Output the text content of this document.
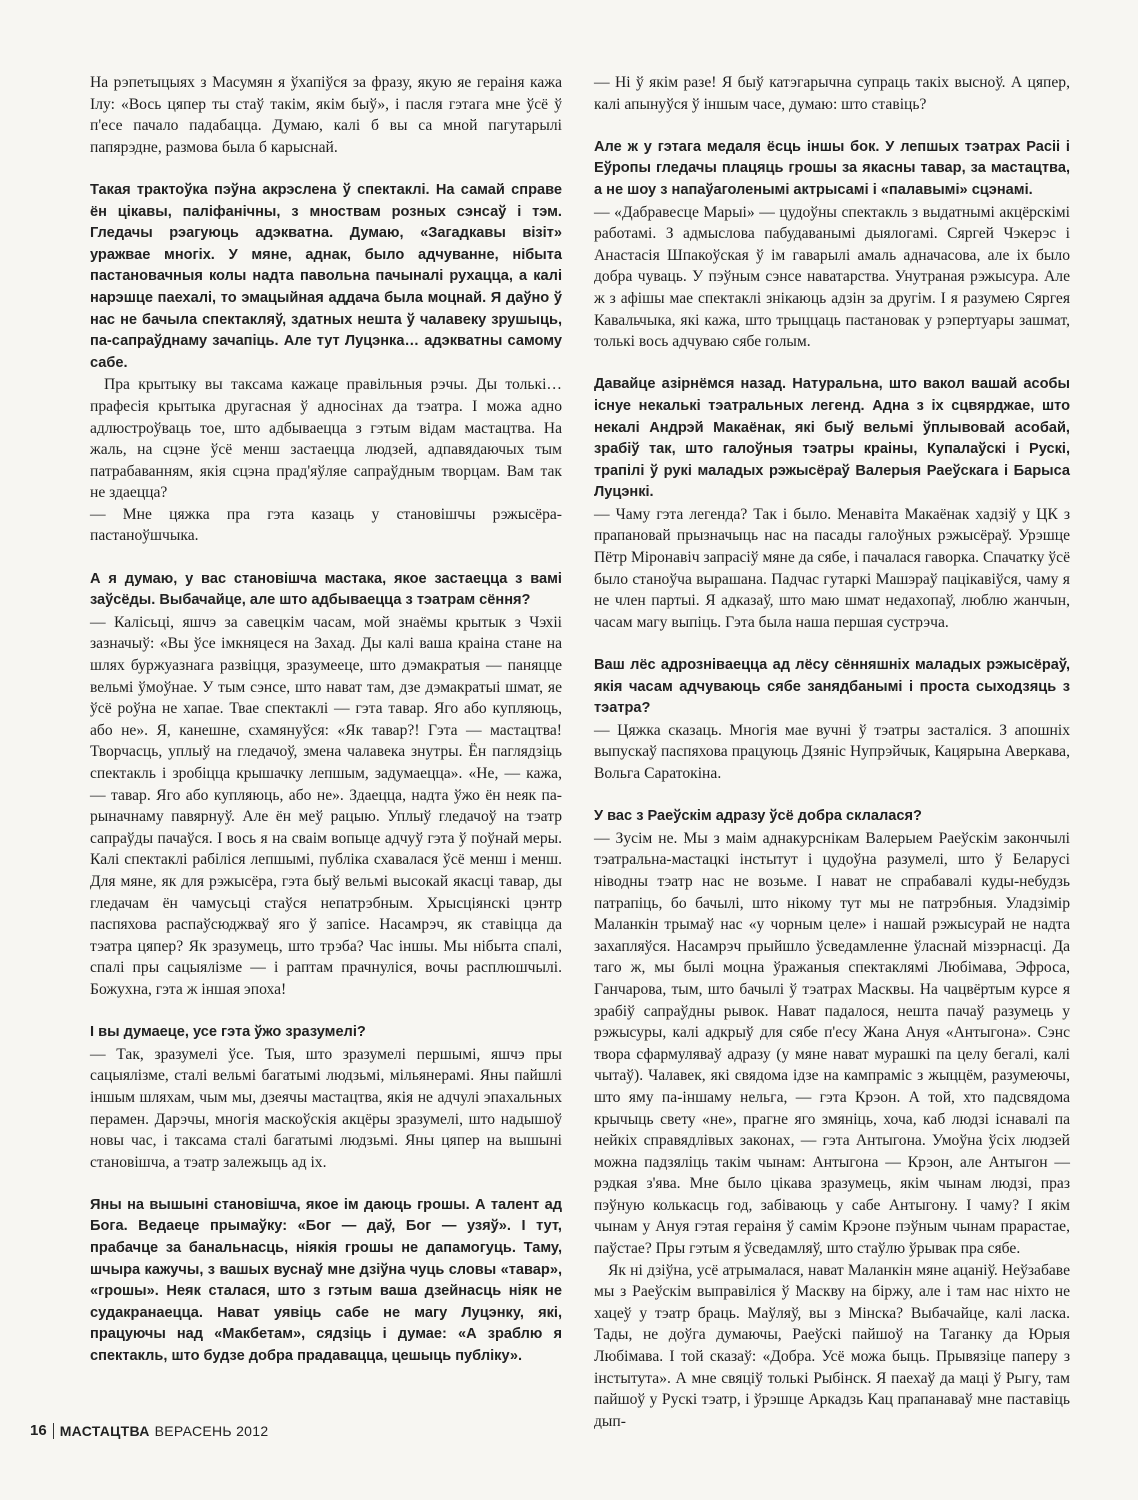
На рэпетыцыях з Масумян я ўхапіўся за фразу, якую яе гераіня кажа Ілу: «Вось цяпер ты стаў такім, якім быў», і пасля гэтага мне ўсё ў п'есе пачало падабацца. Думаю, калі б вы са мной пагутарылі папярэдне, размова была б карыснай.

Такая трактоўка пэўна акрэслена ў спектаклі. На самай справе ён цікавы, паліфанічны, з мноствам розных сэнсаў і тэм. Гледачы рэагуюць адэкватна. Думаю, «Загадкавы візіт» уражвае многіх. У мяне, аднак, было адчуванне, нібыта пастановачныя колы надта павольна пачыналі рухацца, а калі нарэшце паехалі, то эмацыйная аддача была моцнай. Я даўно ў нас не бачыла спектакляў, здатных нешта ў чалавеку зрушыць, па-сапраўднаму зачапіць. Але тут Луцэнка… адэкватны самому сабе.

Пра крытыку вы таксама кажаце правільныя рэчы. Ды толькі… прафесія крытыка другасная ў адносінах да тэатра. І можа адно адлюстроўваць тое, што адбываецца з гэтым відам мастацтва. На жаль, на сцэне ўсё менш застаецца людзей, адпавядаючых тым патрабаванням, якія сцэна прад'яўляе сапраўдным творцам. Вам так не здаецца?

— Мне цяжка пра гэта казаць у становішчы рэжысёра-пастаноўшчыка.

А я думаю, у вас становішча мастака, якое застаецца з вамі заўсёды. Выбачайце, але што адбываецца з тэатрам сёння?

— Калісьці, яшчэ за савецкім часам, мой знаёмы крытык з Чэхіі зазначыў: «Вы ўсе імкняцеся на Захад. Ды калі ваша краіна стане на шлях буржуазнага развіцця, зразумееце, што дэмакратыя — паняцце вельмі ўмоўнае. У тым сэнсе, што нават там, дзе дэмакратыі шмат, яе ўсё роўна не хапае. Твае спектаклі — гэта тавар. Яго або купляюць, або не». Я, канешне, схамянуўся: «Як тавар?! Гэта — мастацтва! Творчасць, уплыў на гледачоў, змена чалавека знутры. Ён паглядзіць спектакль і зробіцца крышачку лепшым, задумаецца». «Не, — кажа, — тавар. Яго або купляюць, або не». Здаецца, надта ўжо ён неяк па-рыначнаму павярнуў. Але ён меў рацыю. Уплыў гледачоў на тэатр сапраўды пачаўся. І вось я на сваім вопыце адчуў гэта ў поўнай меры. Калі спектаклі рабіліся лепшымі, публіка схавалася ўсё менш і менш. Для мяне, як для рэжысёра, гэта быў вельмі высокай якасці тавар, ды гледачам ён чамусьці стаўся непатрэбным. Хрысціянскі цэнтр паспяхова распаўсюджваў яго ў запісе. Насамрэч, як ставіцца да тэатра цяпер? Як зразумець, што трэба? Час іншы. Мы нібыта спалі, спалі пры сацыялізме — і раптам прачнуліся, вочы расплюшчылі. Божухна, гэта ж іншая эпоха!

І вы думаеце, усе гэта ўжо зразумелі?

— Так, зразумелі ўсе. Тыя, што зразумелі першымі, яшчэ пры сацыялізме, сталі вельмі багатымі людзьмі, мільянерамі. Яны пайшлі іншым шляхам, чым мы, дзеячы мастацтва, якія не адчулі эпахальных перамен. Дарэчы, многія маскоўскія акцёры зразумелі, што надышоў новы час, і таксама сталі багатымі людзьмі. Яны цяпер на вышыні становішча, а тэатр залежыць ад іх.

Яны на вышыні становішча, якое ім даюць грошы. А талент ад Бога. Ведаеце прымаўку: «Бог — даў, Бог — узяў». І тут, прабачце за банальнасць, ніякія грошы не дапамогуць. Таму, шчыра кажучы, з вашых вуснаў мне дзіўна чуць словы «тавар», «грошы». Неяк сталася, што з гэтым ваша дзейнасць ніяк не судакранаецца. Нават уявіць сабе не магу Луцэнку, які, працуючы над «Макбетам», сядзіць і думае: «А зраблю я спектакль, што будзе добра прадавацца, цешыць публіку».

— Ні ў якім разе! Я быў катэгарычна супраць такіх высноў. А цяпер, калі апынуўся ў іншым часе, думаю: што ставіць?

Але ж у гэтага медаля ёсць іншы бок. У лепшых тэатрах Расіі і Еўропы гледачы плацяць грошы за якасны тавар, за мастацтва, а не шоу з напаўаголенымі актрысамі і «палавымі» сцэнамі.

— «Дабравесце Марыі» — цудоўны спектакль з выдатнымі акцёрскімі работамі. З адмыслова пабудаванымі дыялогамі. Сяргей Чэкерэс і Анастасія Шпакоўская ў ім гаварылі амаль адначасова, але іх было добра чуваць. У пэўным сэнсе наватарства. Унутраная рэжысура. Але ж з афішы мае спектаклі знікаюць адзін за другім. І я разумею Сяргея Кавальчыка, які кажа, што трыццаць пастановак у рэпертуары зашмат, толькі вось адчуваю сябе голым.

Давайце азірнёмся назад. Натуральна, што вакол вашай асобы існуе некалькі тэатральных легенд. Адна з іх сцвярджае, што некалі Андрэй Макаёнак, які быў вельмі ўплывовай асобай, зрабіў так, што галоўныя тэатры краіны, Купалаўскі і Рускі, трапілі ў рукі маладых рэжысёраў Валерыя Раеўскага і Барыса Луцэнкі.

— Чаму гэта легенда? Так і было. Менавіта Макаёнак хадзіў у ЦК з прапановай прызначыць нас на пасады галоўных рэжысёраў. Урэшце Пётр Міронавіч запрасіў мяне да сябе, і пачалася гаворка. Спачатку ўсё было станоўча вырашана. Падчас гутаркі Машэраў пацікавіўся, чаму я не член партыі. Я адказаў, што маю шмат недахопаў, люблю жанчын, часам магу выпіць. Гэта была наша першая сустрэча.

Ваш лёс адрозніваецца ад лёсу сённяшніх маладых рэжысёраў, якія часам адчуваюць сябе занядбанымі і проста сыходзяць з тэатра?

— Цяжка сказаць. Многія мае вучні ў тэатры засталіся. З апошніх выпускаў паспяхова працуюць Дзяніс Нупрэйчык, Кацярына Аверкава, Вольга Саратокіна.

У вас з Раеўскім адразу ўсё добра склалася?

— Зусім не. Мы з маім аднакурснікам Валерыем Раеўскім закончылі тэатральна-мастацкі інстытут і цудоўна разумелі, што ў Беларусі ніводны тэатр нас не возьме. І нават не спрабавалі куды-небудзь патрапіць, бо бачылі, што нікому тут мы не патрэбныя. Уладзімір Маланкін трымаў нас «у чорным целе» і нашай рэжысурай не надта захапляўся. Насамрэч прыйшло ўсведамленне ўласнай мізэрнасці. Да таго ж, мы былі моцна ўражаныя спектаклямі Любімава, Эфроса, Ганчарова, тым, што бачылі ў тэатрах Масквы. На чацвёртым курсе я зрабіў сапраўдны рывок. Нават падалося, нешта пачаў разумець у рэжысуры, калі адкрыў для сябе п'есу Жана Ануя «Антыгона». Сэнс твора сфармуляваў адразу (у мяне нават мурашкі па целу бегалі, калі чытаў). Чалавек, які свядома ідзе на кампраміс з жыццём, разумеючы, што яму па-іншаму нельга, — гэта Крэон. А той, хто падсвядома крычыць свету «не», прагне яго змяніць, хоча, каб людзі існавалі па нейкіх справядлівых законах, — гэта Антыгона. Умоўна ўсіх людзей можна падзяліць такім чынам: Антыгона — Крэон, але Антыгон — рэдкая з'ява. Мне было цікава зразумець, якім чынам людзі, праз пэўную колькасць год, забіваюць у сабе Антыгону. І чаму? І якім чынам у Ануя гэтая гераіня ў самім Крэоне пэўным чынам прарастае, паўстае? Пры гэтым я ўсведамляў, што стаўлю ўрывак пра сябе.

Як ні дзіўна, усё атрымалася, нават Маланкін мяне ацаніў. Неўзабаве мы з Раеўскім выправіліся ў Маскву на біржу, але і там нас ніхто не хацеў у тэатр браць. Маўляў, вы з Мінска? Выбачайце, калі ласка. Тады, не доўга думаючы, Раеўскі пайшоў на Таганку да Юрыя Любімава. І той сказаў: «Добра. Усё можа быць. Прывязіце паперу з інстытута». А мне свяціў толькі Рыбінск. Я паехаў да маці ў Рыгу, там пайшоў у Рускі тэатр, і ўрэшце Аркадзь Кац прапанаваў мне паставіць дып-

16 МАСТАЦТВА ВЕРАСЕНЬ 2012
